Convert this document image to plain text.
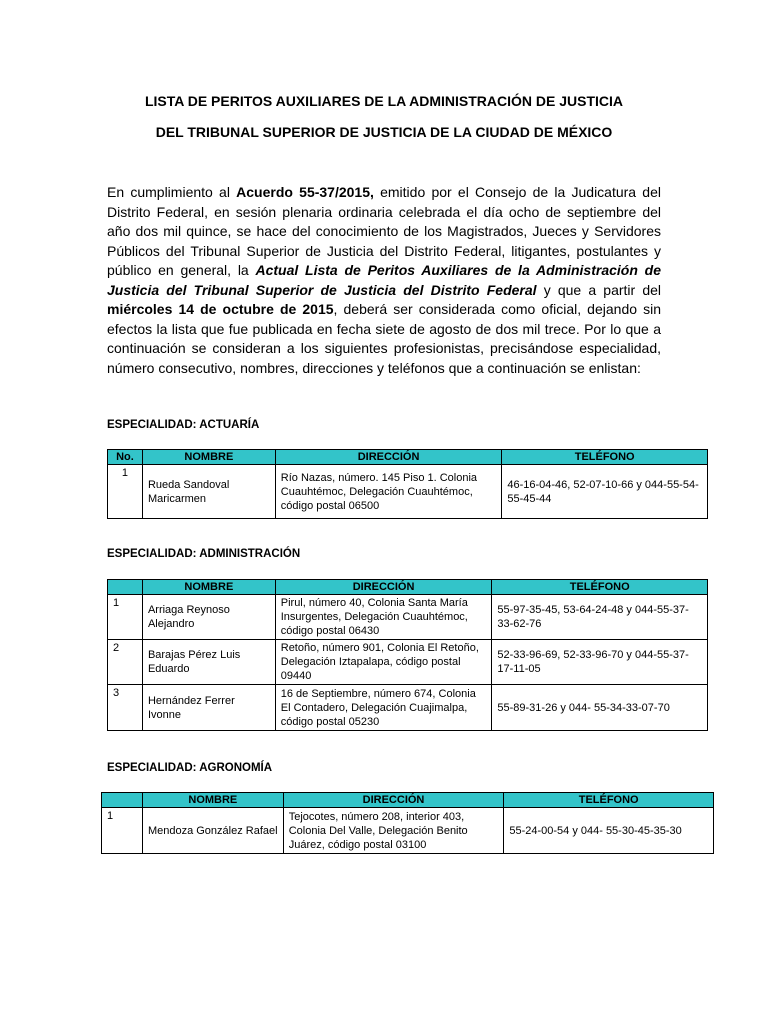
LISTA DE PERITOS AUXILIARES DE LA ADMINISTRACIÓN DE JUSTICIA
DEL TRIBUNAL SUPERIOR DE JUSTICIA DE LA CIUDAD DE MÉXICO
En cumplimiento al Acuerdo 55-37/2015, emitido por el Consejo de la Judicatura del Distrito Federal, en sesión plenaria ordinaria celebrada el día ocho de septiembre del año dos mil quince, se hace del conocimiento de los Magistrados, Jueces y Servidores Públicos del Tribunal Superior de Justicia del Distrito Federal, litigantes, postulantes y público en general, la Actual Lista de Peritos Auxiliares de la Administración de Justicia del Tribunal Superior de Justicia del Distrito Federal y que a partir del miércoles 14 de octubre de 2015, deberá ser considerada como oficial, dejando sin efectos la lista que fue publicada en fecha siete de agosto de dos mil trece. Por lo que a continuación se consideran a los siguientes profesionistas, precisándose especialidad, número consecutivo, nombres, direcciones y teléfonos que a continuación se enlistan:
ESPECIALIDAD: ACTUARÍA
No.	NOMBRE	DIRECCIÓN	TELÉFONO
1	Rueda Sandoval Maricarmen	Río Nazas, número. 145 Piso 1. Colonia Cuauhtémoc, Delegación Cuauhtémoc, código postal 06500	46-16-04-46, 52-07-10-66 y 044-55-54-55-45-44
ESPECIALIDAD: ADMINISTRACIÓN
	NOMBRE	DIRECCIÓN	TELÉFONO
1	Arriaga Reynoso Alejandro	Pirul, número 40, Colonia Santa María Insurgentes, Delegación Cuauhtémoc, código postal 06430	55-97-35-45, 53-64-24-48 y 044-55-37-33-62-76
2	Barajas Pérez Luis Eduardo	Retoño, número 901, Colonia El Retoño, Delegación Iztapalapa, código postal 09440	52-33-96-69, 52-33-96-70 y 044-55-37-17-11-05
3	Hernández Ferrer Ivonne	16 de Septiembre, número 674, Colonia El Contadero, Delegación Cuajimalpa, código postal 05230	55-89-31-26 y 044- 55-34-33-07-70
ESPECIALIDAD: AGRONOMÍA
	NOMBRE	DIRECCIÓN	TELÉFONO
1	Mendoza González Rafael	Tejocotes, número 208, interior 403, Colonia Del Valle, Delegación Benito Juárez, código postal 03100	55-24-00-54 y 044- 55-30-45-35-30
